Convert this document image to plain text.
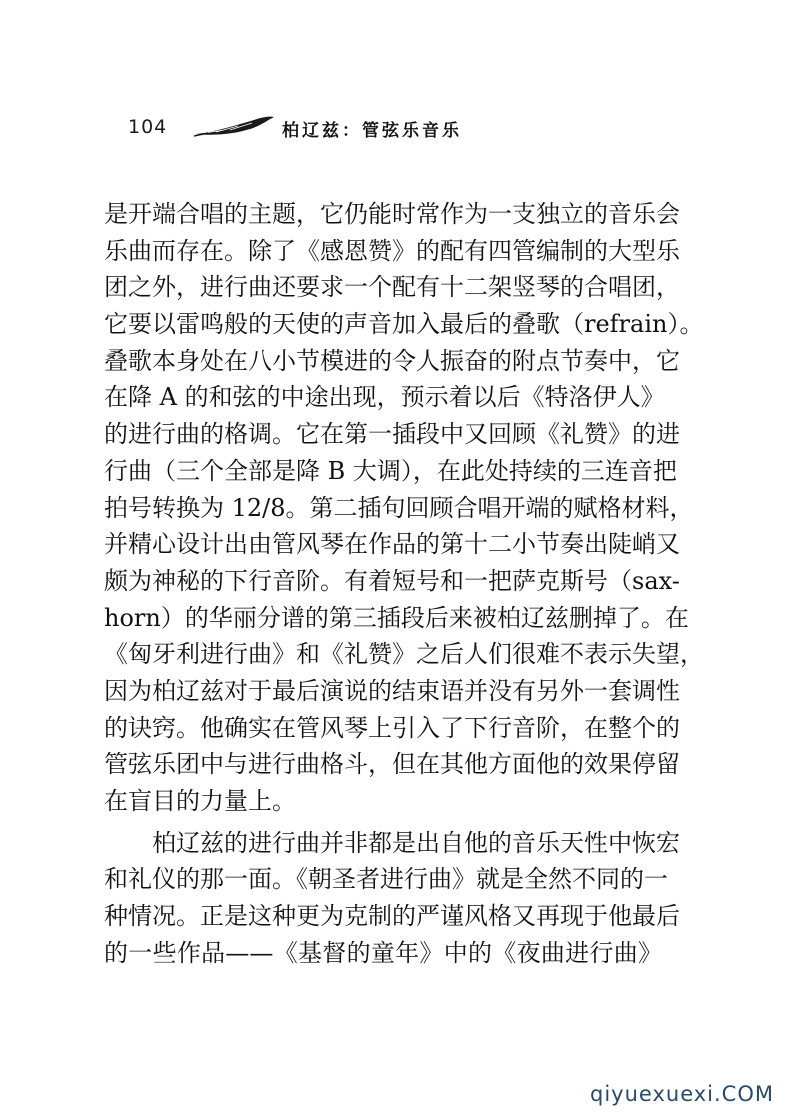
104	柏辽兹：管弦乐音乐
是开端合唱的主题，它仍能时常作为一支独立的音乐会
乐曲而存在。除了《感恩赞》的配有四管编制的大型乐
团之外，进行曲还要求一个配有十二架竖琴的合唱团，
它要以雷鸣般的天使的声音加入最后的叠歌（refrain）。
叠歌本身处在八小节模进的令人振奋的附点节奏中，它
在降 A 的和弦的中途出现，预示着以后《特洛伊人》
的进行曲的格调。它在第一插段中又回顾《礼赞》的进
行曲（三个全部是降 B 大调），在此处持续的三连音把
拍号转换为 12/8。第二插句回顾合唱开端的赋格材料，
并精心设计出由管风琴在作品的第十二小节奏出陡峭又
颇为神秘的下行音阶。有着短号和一把萨克斯号（sax-
horn）的华丽分谱的第三插段后来被柏辽兹删掉了。在
《匈牙利进行曲》和《礼赞》之后人们很难不表示失望，
因为柏辽兹对于最后演说的结束语并没有另外一套调性
的诀窍。他确实在管风琴上引入了下行音阶，在整个的
管弦乐团中与进行曲格斗，但在其他方面他的效果停留
在盲目的力量上。
柏辽兹的进行曲并非都是出自他的音乐天性中恢宏
和礼仪的那一面。《朝圣者进行曲》就是全然不同的一
种情况。正是这种更为克制的严谨风格又再现于他最后
的一些作品——《基督的童年》中的《夜曲进行曲》
qiyuexuexi.COM
